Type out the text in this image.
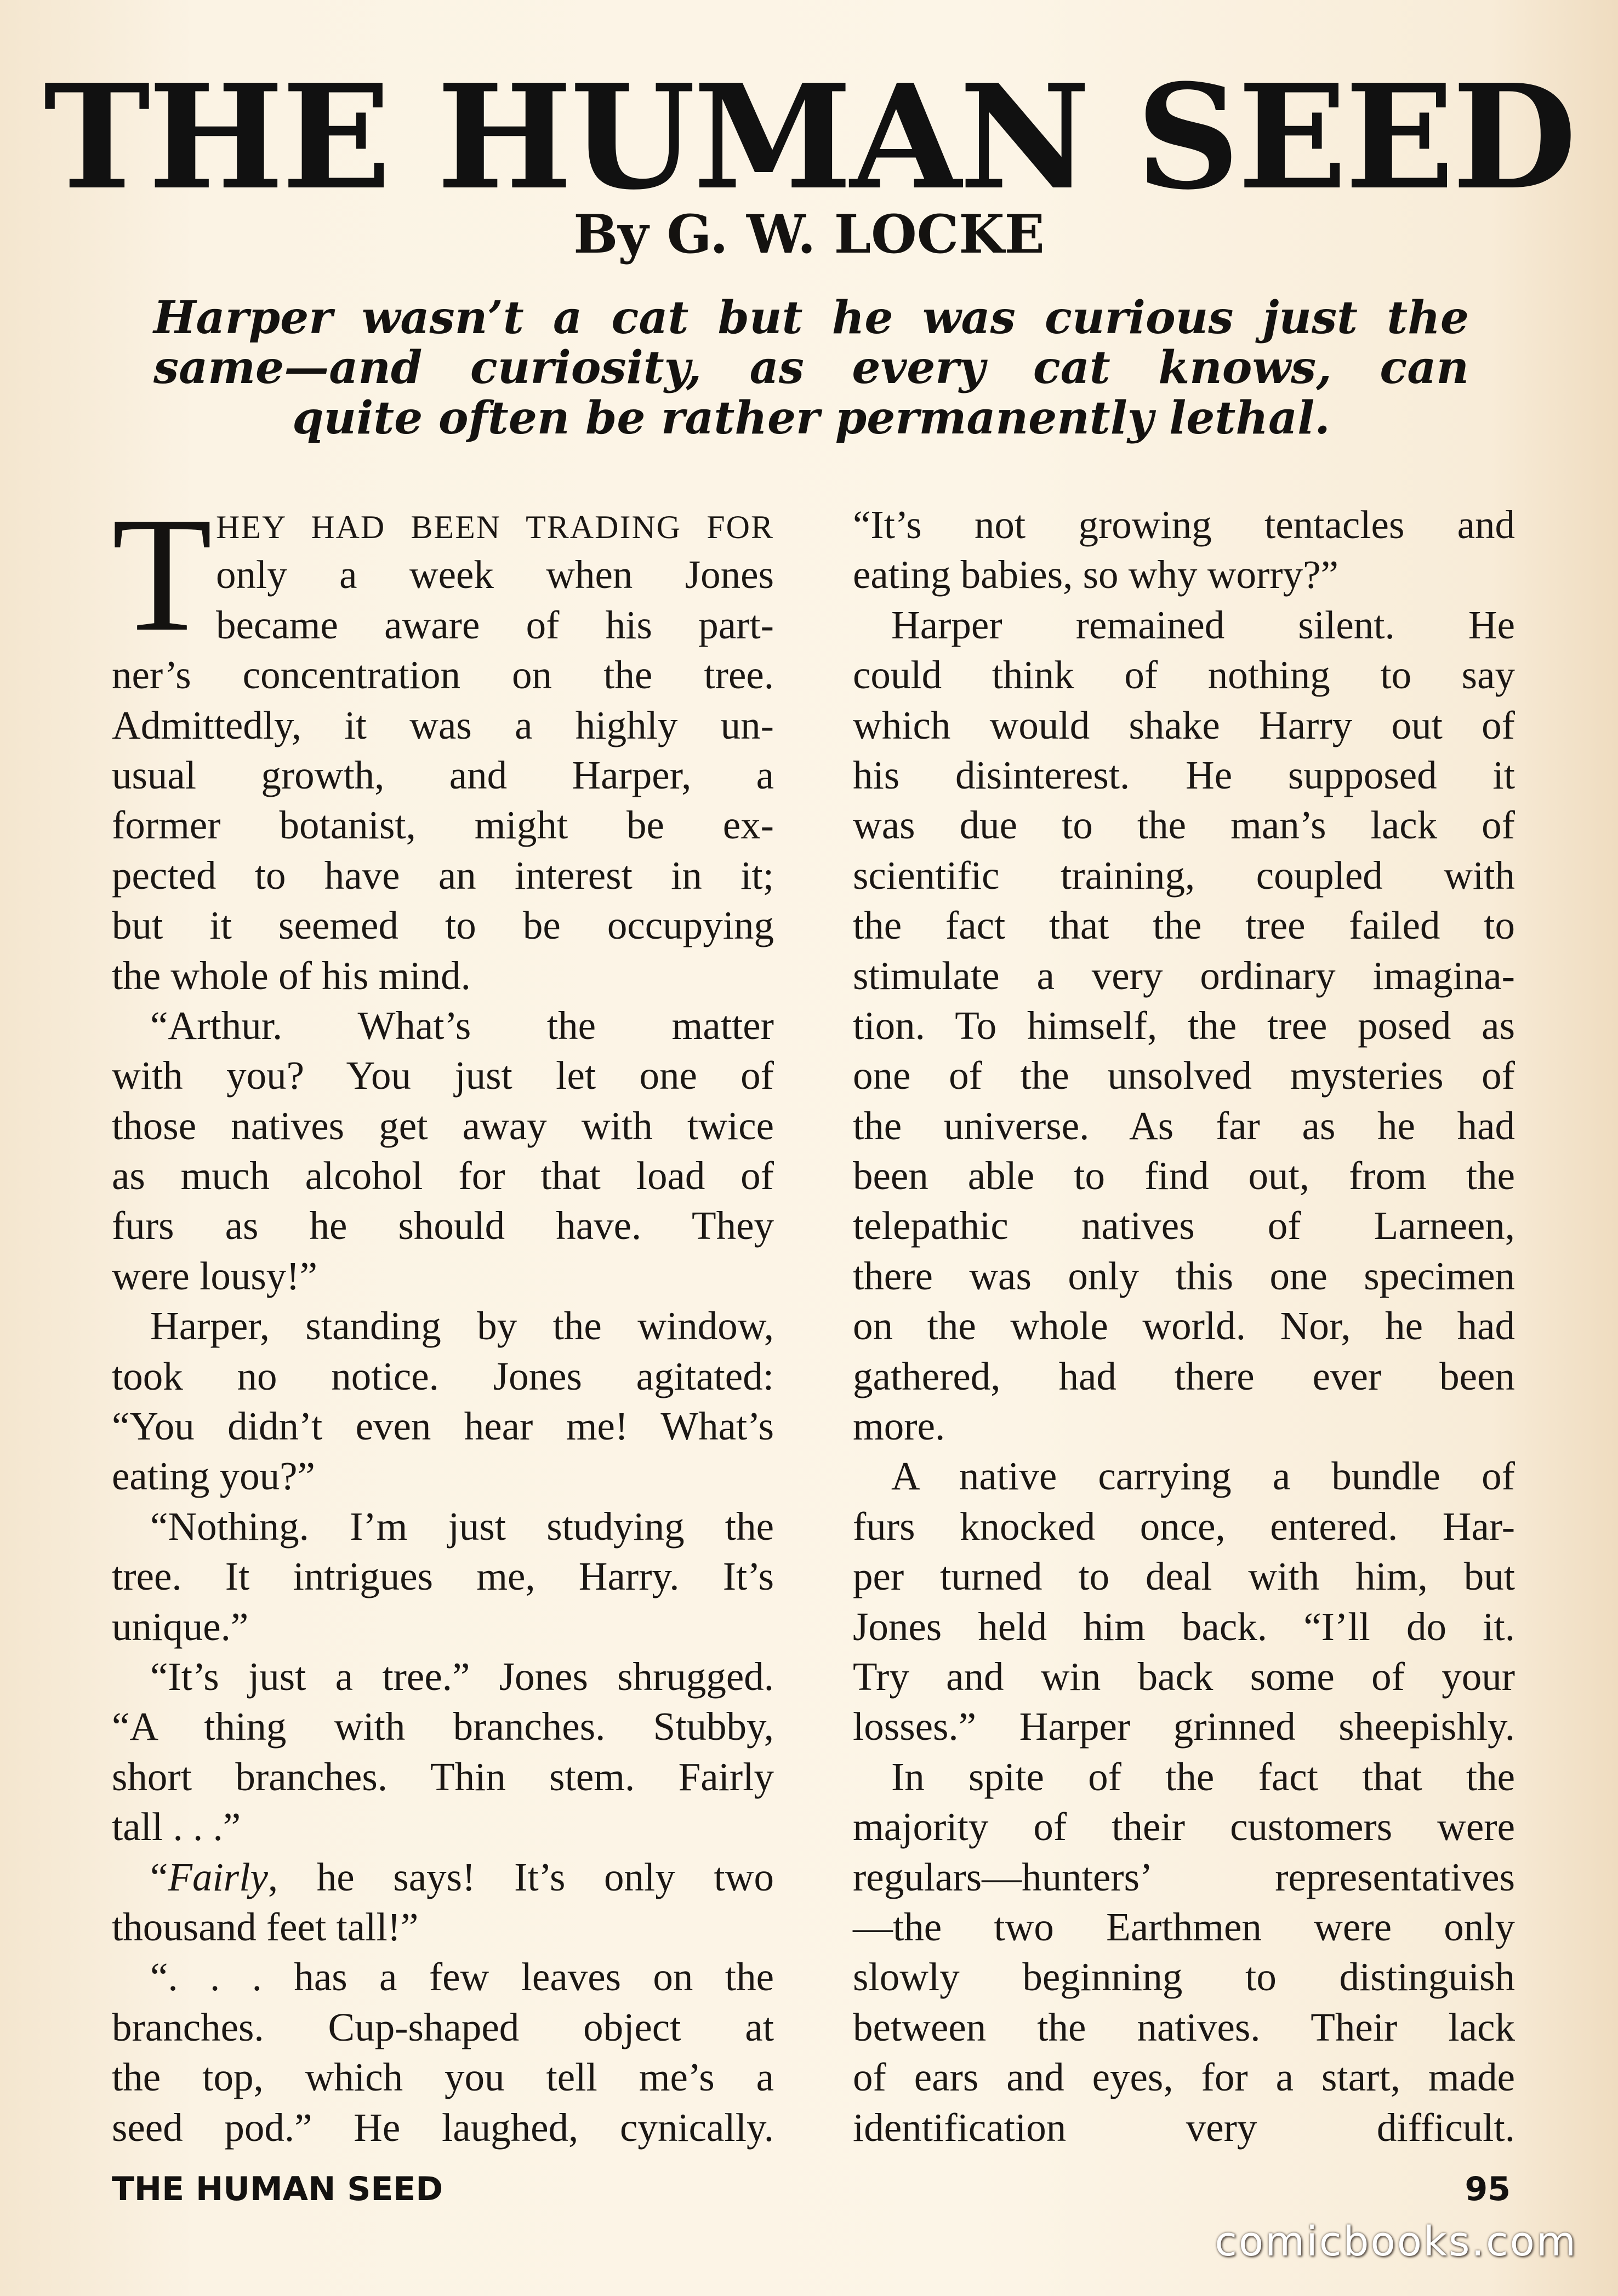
THE HUMAN SEED
By G. W. LOCKE
Harper wasn’t a cat but he was curious just the
same—and curiosity, as every cat knows, can
quite often be rather permanently lethal.
T HEY HAD BEEN TRADING FOR
only a week when Jones
became aware of his part-
ner’s concentration on the tree.
Admittedly, it was a highly un-
usual growth, and Harper, a
former botanist, might be ex-
pected to have an interest in it;
but it seemed to be occupying
the whole of his mind.
“Arthur. What’s the matter
with you? You just let one of
those natives get away with twice
as much alcohol for that load of
furs as he should have. They
were lousy!”
Harper, standing by the window,
took no notice. Jones agitated:
“You didn’t even hear me! What’s
eating you?”
“Nothing. I’m just studying the
tree. It intrigues me, Harry. It’s
unique.”
“It’s just a tree.” Jones shrugged.
“A thing with branches. Stubby,
short branches. Thin stem. Fairly
tall . . .”
“Fairly, he says! It’s only two
thousand feet tall!”
“. . . has a few leaves on the
branches. Cup-shaped object at
the top, which you tell me’s a
seed pod.” He laughed, cynically.
“It’s not growing tentacles and
eating babies, so why worry?”
Harper remained silent. He
could think of nothing to say
which would shake Harry out of
his disinterest. He supposed it
was due to the man’s lack of
scientific training, coupled with
the fact that the tree failed to
stimulate a very ordinary imagina-
tion. To himself, the tree posed as
one of the unsolved mysteries of
the universe. As far as he had
been able to find out, from the
telepathic natives of Larneen,
there was only this one specimen
on the whole world. Nor, he had
gathered, had there ever been
more.
A native carrying a bundle of
furs knocked once, entered. Har-
per turned to deal with him, but
Jones held him back. “I’ll do it.
Try and win back some of your
losses.” Harper grinned sheepishly.
In spite of the fact that the
majority of their customers were
regulars—hunters’ representatives
—the two Earthmen were only
slowly beginning to distinguish
between the natives. Their lack
of ears and eyes, for a start, made
identification very difficult.
THE HUMAN SEED	95
comicbooks.com
